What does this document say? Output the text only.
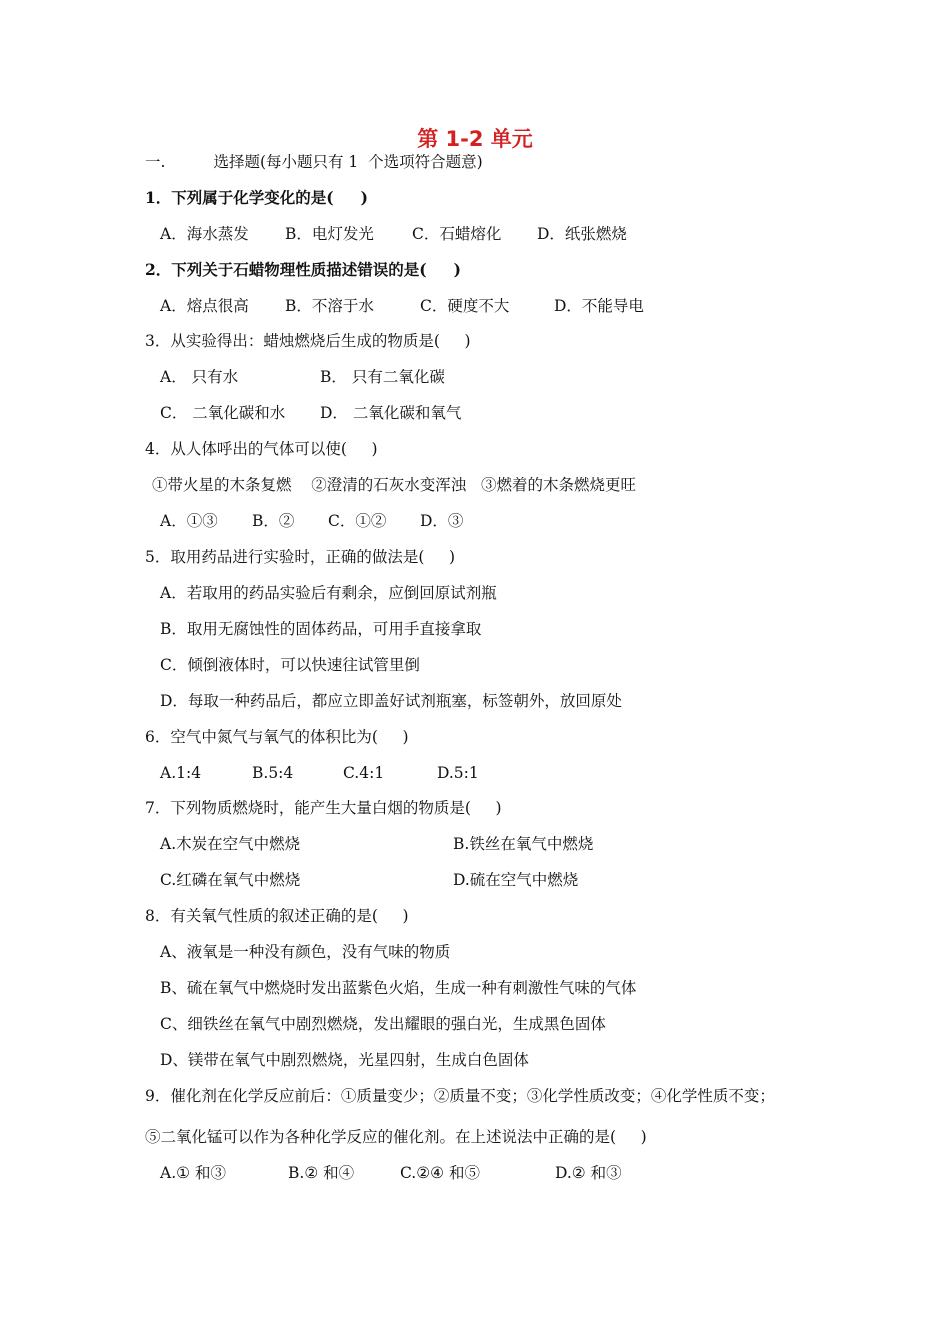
第 1-2 单元
一.	选择题(每小题只有 1  个选项符合题意)
1．下列属于化学变化的是(     )
A．海水蒸发 B．电灯发光 C．石蜡熔化 D．纸张燃烧
2．下列关于石蜡物理性质描述错误的是(     )
A．熔点很高 B．不溶于水	C．硬度不大	D．不能导电
3．从实验得出：蜡烛燃烧后生成的物质是(     )
A． 只有水	B． 只有二氧化碳
C． 二氧化碳和水 D． 二氧化碳和氧气
4．从人体呼出的气体可以使(     )
①带火星的木条复燃    ②澄清的石灰水变浑浊   ③燃着的木条燃烧更旺
A．①③ B．② C．①② D．③
5．取用药品进行实验时，正确的做法是(     )
A．若取用的药品实验后有剩余，应倒回原试剂瓶
B．取用无腐蚀性的固体药品，可用手直接拿取
C．倾倒液体时，可以快速往试管里倒
D．每取一种药品后，都应立即盖好试剂瓶塞，标签朝外，放回原处
6．空气中氮气与氧气的体积比为(     )
A.1:4	B.5:4	C.4:1	D.5:1
7．下列物质燃烧时，能产生大量白烟的物质是(     )
A.木炭在空气中燃烧	B.铁丝在氧气中燃烧
C.红磷在氧气中燃烧	D.硫在空气中燃烧
8．有关氧气性质的叙述正确的是(     )
A、液氧是一种没有颜色，没有气味的物质
B、硫在氧气中燃烧时发出蓝紫色火焰，生成一种有刺激性气味的气体
C、细铁丝在氧气中剧烈燃烧，发出耀眼的强白光，生成黑色固体
D、镁带在氧气中剧烈燃烧，光星四射，生成白色固体
9．催化剂在化学反应前后：①质量变少；②质量不变；③化学性质改变；④化学性质不变；
⑤二氧化锰可以作为各种化学反应的催化剂。在上述说法中正确的是(     )
A.① 和③	B.② 和④	C.②④ 和⑤	D.② 和③
